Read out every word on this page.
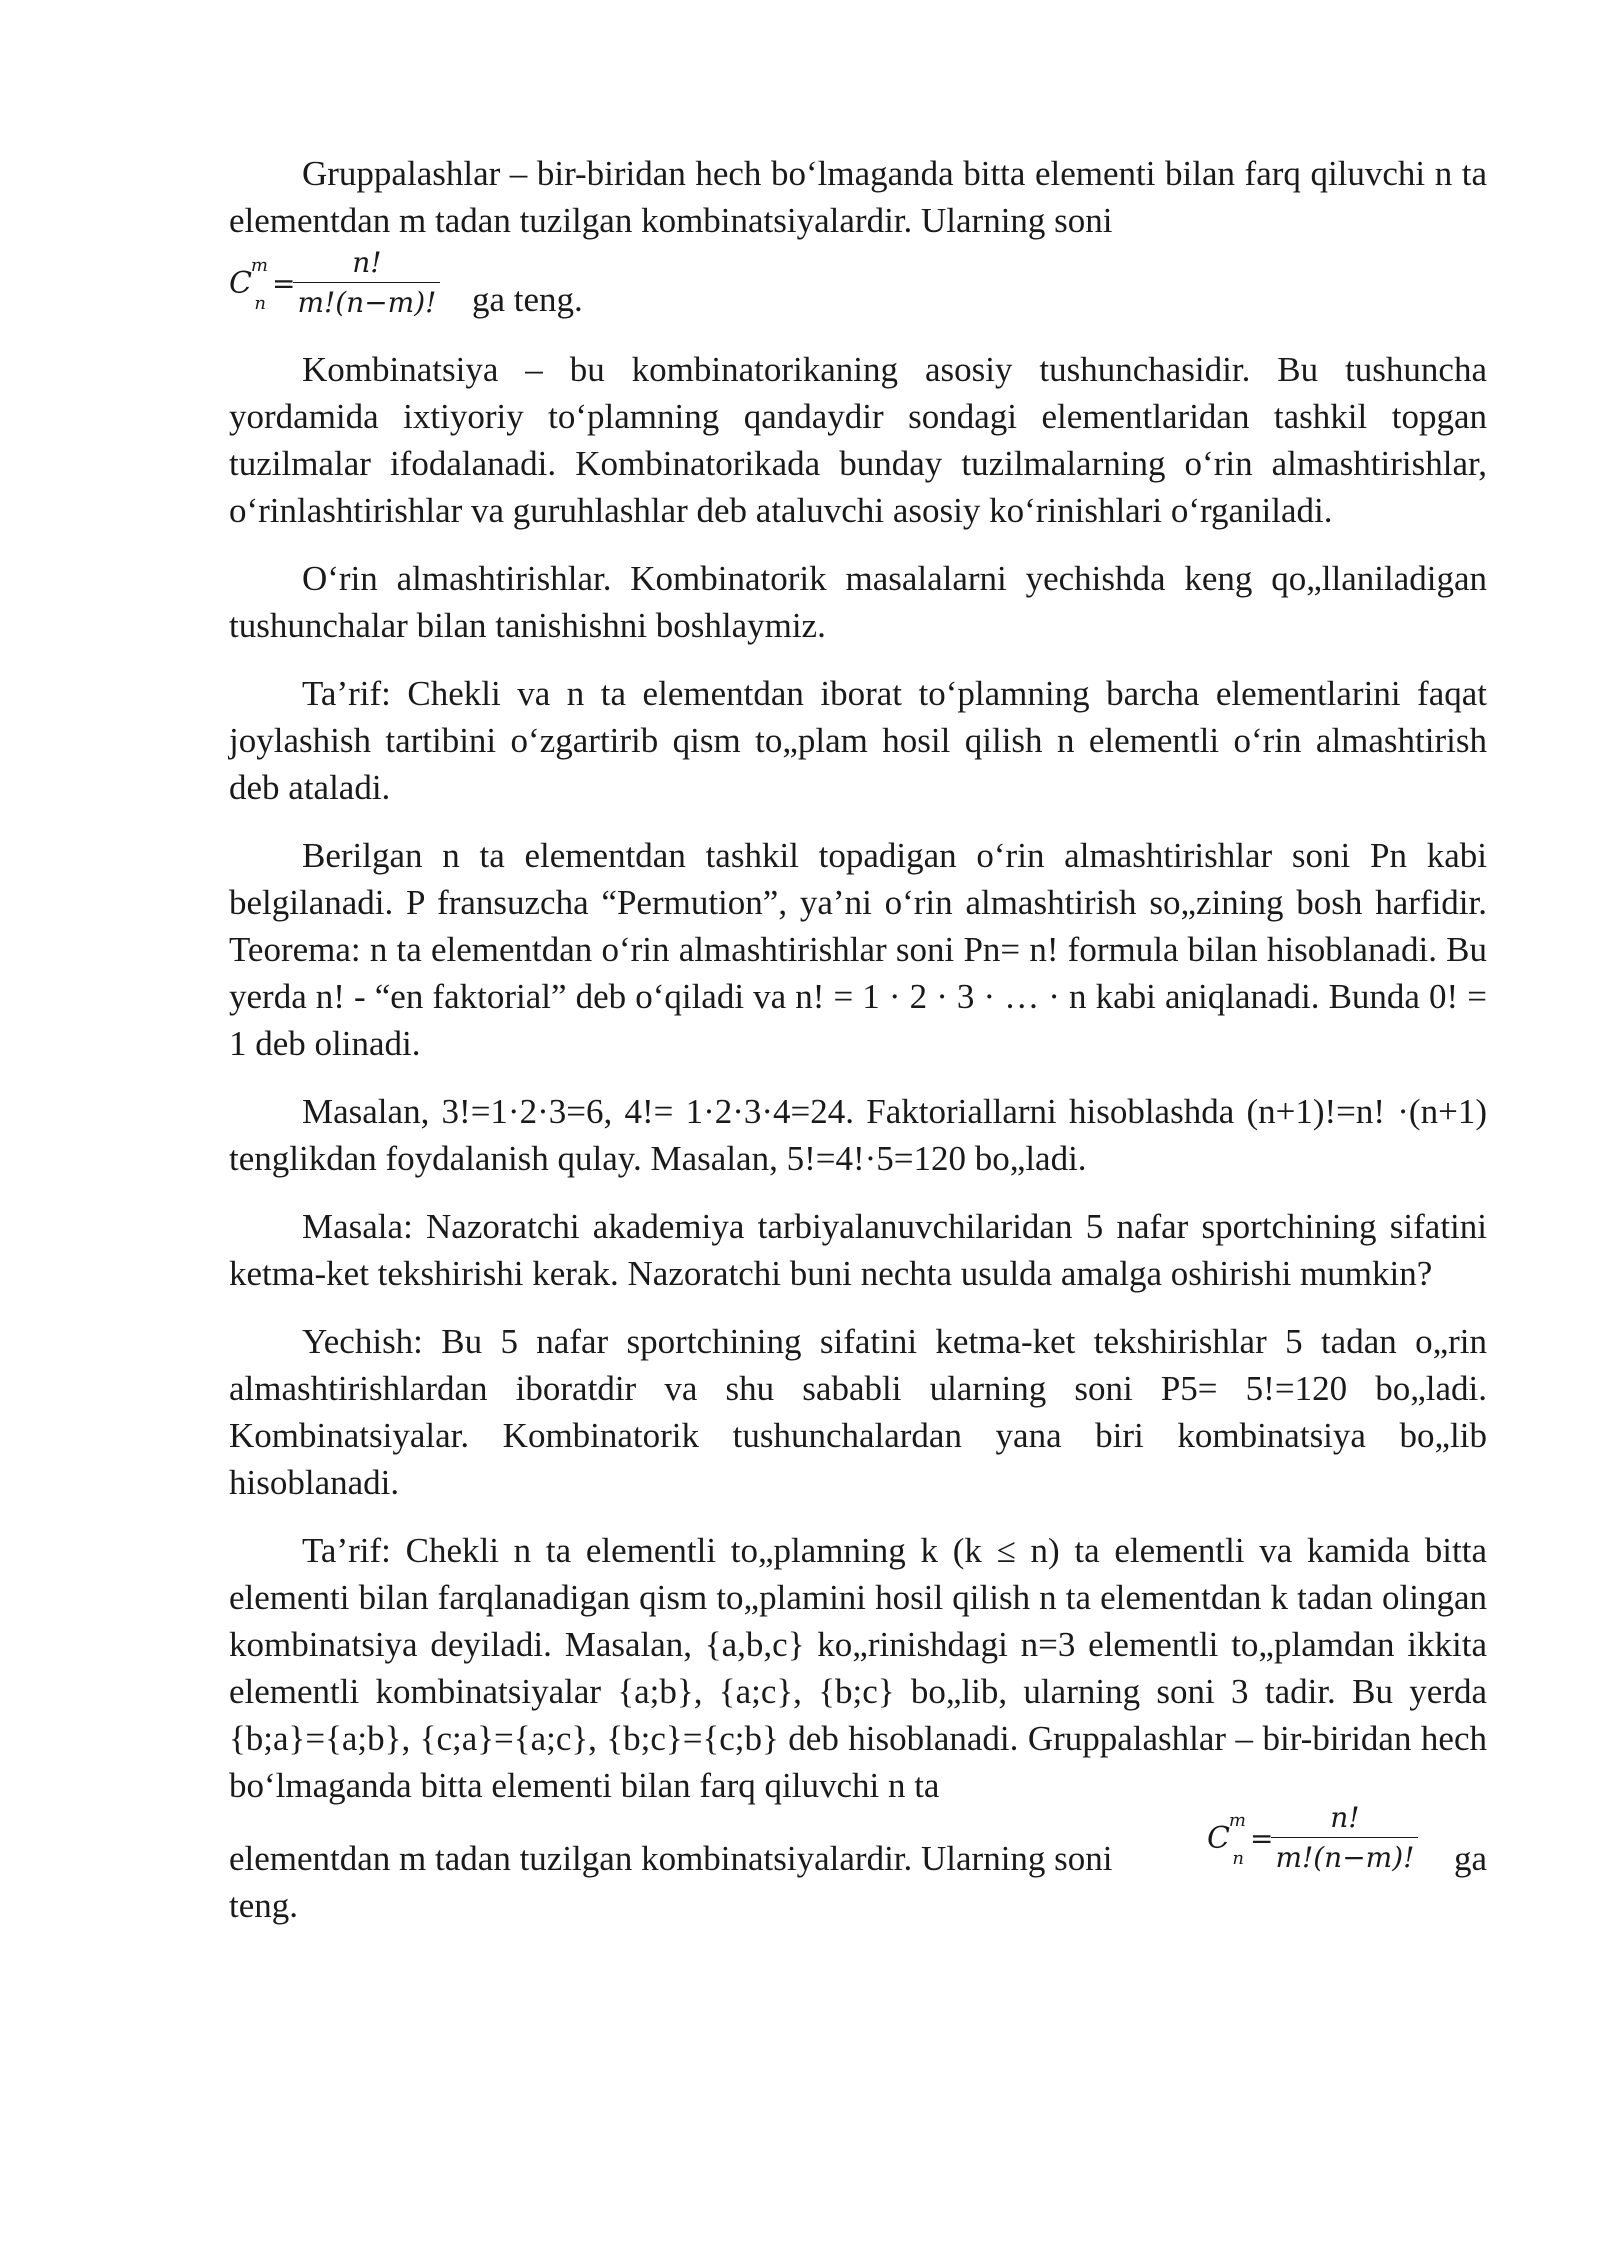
Gruppalashlar – bir-biridan hech bo‘lmaganda bitta elementi bilan farq qiluvchi n ta elementdan m tadan tuzilgan kombinatsiyalardir. Ularning soni

C
m
n
= $\frac{n!}{m!(n-m)!}$ ga teng.

Kombinatsiya – bu kombinatorikaning asosiy tushunchasidir. Bu tushuncha yordamida ixtiyoriy to‘plamning qandaydir sondagi elementlaridan tashkil topgan tuzilmalar ifodalanadi. Kombinatorikada bunday tuzilmalarning o‘rin almashtirishlar, o‘rinlashtirishlar va guruhlashlar deb ataluvchi asosiy ko‘rinishlari o‘rganiladi.

O‘rin almashtirishlar. Kombinatorik masalalarni yechishda keng qo„llaniladigan tushunchalar bilan tanishishni boshlaymiz.

Ta’rif: Chekli va n ta elementdan iborat to‘plamning barcha elementlarini faqat joylashish tartibini o‘zgartirib qism to„plam hosil qilish n elementli o‘rin almashtirish deb ataladi.

Berilgan n ta elementdan tashkil topadigan o‘rin almashtirishlar soni Pn kabi belgilanadi. P fransuzcha “Permution”, ya’ni o‘rin almashtirish so„zining bosh harfidir. Teorema: n ta elementdan o‘rin almashtirishlar soni Pn= n! formula bilan hisoblanadi. Bu yerda n! - “en faktorial” deb o‘qiladi va n! = 1 · 2 · 3 · … · n kabi aniqlanadi. Bunda 0! = 1 deb olinadi.

Masalan, 3!=1·2·3=6, 4!= 1·2·3·4=24. Faktoriallarni hisoblashda (n+1)!=n! ·(n+1) tenglikdan foydalanish qulay. Masalan, 5!=4!·5=120 bo„ladi.

Masala: Nazoratchi akademiya tarbiyalanuvchilaridan 5 nafar sportchining sifatini ketma-ket tekshirishi kerak. Nazoratchi buni nechta usulda amalga oshirishi mumkin?

Yechish: Bu 5 nafar sportchining sifatini ketma-ket tekshirishlar 5 tadan o„rin almashtirishlardan iboratdir va shu sababli ularning soni P5= 5!=120 bo„ladi. Kombinatsiyalar. Kombinatorik tushunchalardan yana biri kombinatsiya bo„lib hisoblanadi.

Ta’rif: Chekli n ta elementli to„plamning k (k ≤ n) ta elementli va kamida bitta elementi bilan farqlanadigan qism to„plamini hosil qilish n ta elementdan k tadan olingan kombinatsiya deyiladi. Masalan, {a,b,c} ko„rinishdagi n=3 elementli to„plamdan ikkita elementli kombinatsiyalar {a;b}, {a;c}, {b;c} bo„lib, ularning soni 3 tadir. Bu yerda {b;a}={a;b}, {c;a}={a;c}, {b;c}={c;b} deb hisoblanadi. Gruppalashlar – bir-biridan hech bo‘lmaganda bitta elementi bilan farq qiluvchi n ta

elementdan m tadan tuzilgan kombinatsiyalardir. Ularning soni
C
m
n
= $\frac{n!}{m!(n-m)!}$ ga
teng.
